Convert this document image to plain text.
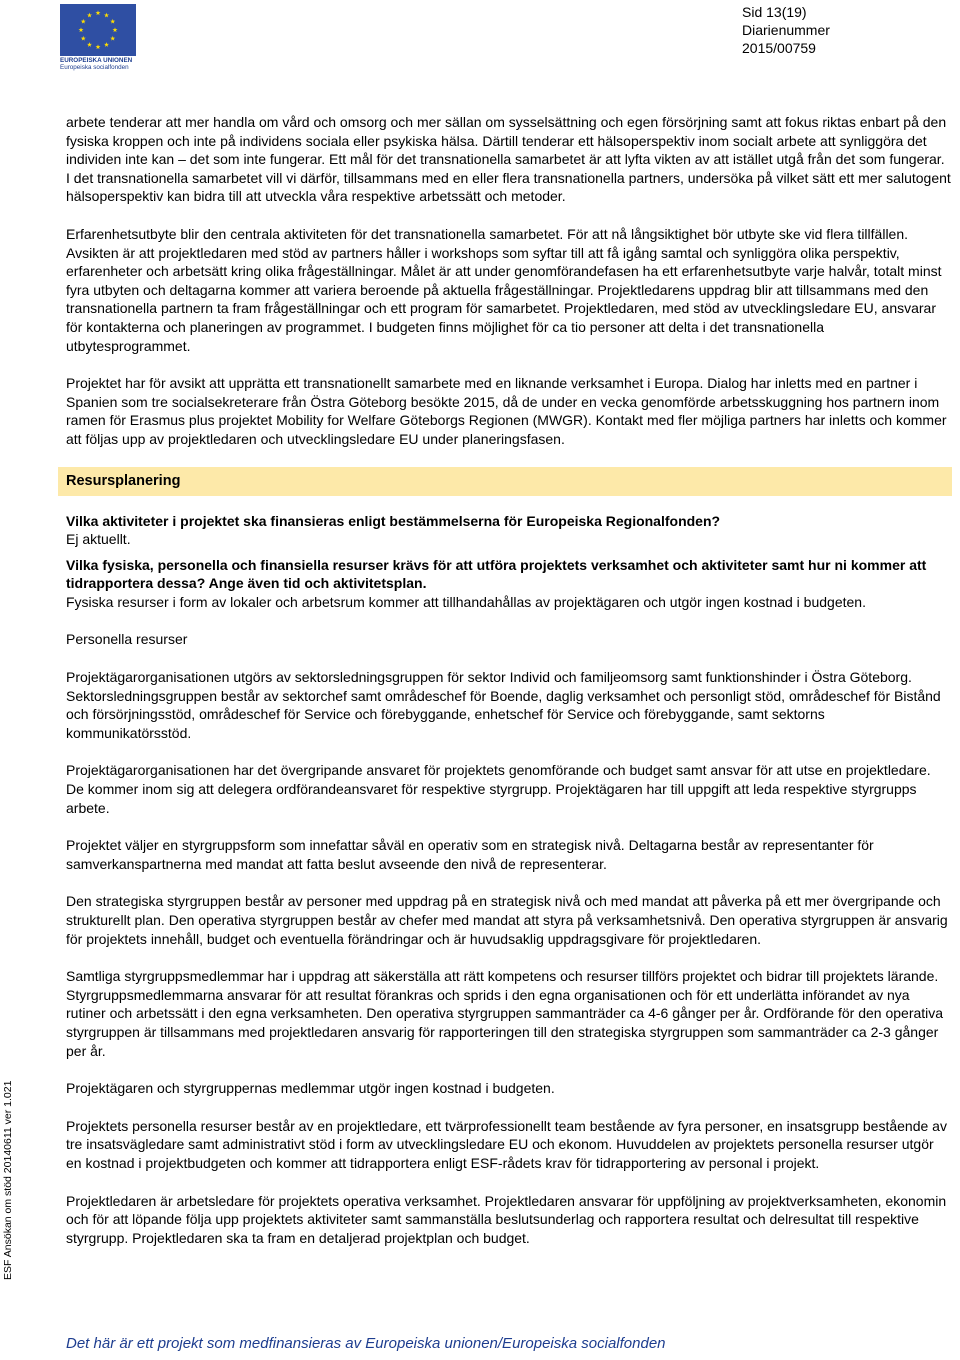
EUROPEISKA UNIONEN
Europeiska socialfonden
Sid 13(19)
Diarienummer
2015/00759
ESF Ansökan om stöd 20140611 ver 1.021

arbete tenderar att mer handla om vård och omsorg och mer sällan om sysselsättning och egen försörjning samt att fokus riktas enbart på den fysiska kroppen och inte på individens sociala eller psykiska hälsa. Därtill tenderar ett hälsoperspektiv inom socialt arbete att synliggöra det individen inte kan – det som inte fungerar. Ett mål för det transnationella samarbetet är att lyfta vikten av att istället utgå från det som fungerar. I det transnationella samarbetet vill vi därför, tillsammans med en eller flera transnationella partners, undersöka på vilket sätt ett mer salutogent hälsoperspektiv kan bidra till att utveckla våra respektive arbetssätt och metoder.

Erfarenhetsutbyte blir den centrala aktiviteten för det transnationella samarbetet. För att nå långsiktighet bör utbyte ske vid flera tillfällen. Avsikten är att projektledaren med stöd av partners håller i workshops som syftar till att få igång samtal och synliggöra olika perspektiv, erfarenheter och arbetsätt kring olika frågeställningar. Målet är att under genomförandefasen ha ett erfarenhetsutbyte varje halvår, totalt minst fyra utbyten och deltagarna kommer att variera beroende på aktuella frågeställningar. Projektledarens uppdrag blir att tillsammans med den transnationella partnern ta fram frågeställningar och ett program för samarbetet. Projektledaren, med stöd av utvecklingsledare EU, ansvarar för kontakterna och planeringen av programmet. I budgeten finns möjlighet för ca tio personer att delta i det transnationella utbytesprogrammet.

Projektet har för avsikt att upprätta ett transnationellt samarbete med en liknande verksamhet i Europa. Dialog har inletts med en partner i Spanien som tre socialsekreterare från Östra Göteborg besökte 2015, då de under en vecka genomförde arbetsskuggning hos partnern inom ramen för Erasmus plus projektet Mobility for Welfare Göteborgs Regionen (MWGR). Kontakt med fler möjliga partners har inletts och kommer att följas upp av projektledaren och utvecklingsledare EU under planeringsfasen.

Resursplanering

Vilka aktiviteter i projektet ska finansieras enligt bestämmelserna för Europeiska Regionalfonden?

Ej aktuellt.

Vilka fysiska, personella och finansiella resurser krävs för att utföra projektets verksamhet och aktiviteter samt hur ni kommer att tidrapportera dessa? Ange även tid och aktivitetsplan.

Fysiska resurser i form av lokaler och arbetsrum kommer att tillhandahållas av projektägaren och utgör ingen kostnad i budgeten.

Personella resurser

Projektägarorganisationen utgörs av sektorsledningsgruppen för sektor Individ och familjeomsorg samt funktionshinder i Östra Göteborg. Sektorsledningsgruppen består av sektorchef samt områdeschef för Boende, daglig verksamhet och personligt stöd, områdeschef för Bistånd och försörjningsstöd, områdeschef för Service och förebyggande, enhetschef för Service och förebyggande, samt sektorns kommunikatörsstöd.

Projektägarorganisationen har det övergripande ansvaret för projektets genomförande och budget samt ansvar för att utse en projektledare. De kommer inom sig att delegera ordförandeansvaret för respektive styrgrupp. Projektägaren har till uppgift att leda respektive styrgrupps arbete.

Projektet väljer en styrgruppsform som innefattar såväl en operativ som en strategisk nivå. Deltagarna består av representanter för samverkanspartnerna med mandat att fatta beslut avseende den nivå de representerar.

Den strategiska styrgruppen består av personer med uppdrag på en strategisk nivå och med mandat att påverka på ett mer övergripande och strukturellt plan. Den operativa styrgruppen består av chefer med mandat att styra på verksamhetsnivå. Den operativa styrgruppen är ansvarig för projektets innehåll, budget och eventuella förändringar och är huvudsaklig uppdragsgivare för projektledaren.

Samtliga styrgruppsmedlemmar har i uppdrag att säkerställa att rätt kompetens och resurser tillförs projektet och bidrar till projektets lärande. Styrgruppsmedlemmarna ansvarar för att resultat förankras och sprids i den egna organisationen och för ett underlätta införandet av nya rutiner och arbetssätt i den egna verksamheten. Den operativa styrgruppen sammanträder ca 4-6 gånger per år. Ordförande för den operativa styrgruppen är tillsammans med projektledaren ansvarig för rapporteringen till den strategiska styrgruppen som sammanträder ca 2-3 gånger per år.

Projektägaren och styrgruppernas medlemmar utgör ingen kostnad i budgeten.

Projektets personella resurser består av en projektledare, ett tvärprofessionellt team bestående av fyra personer, en insatsgrupp bestående av tre insatsvägledare samt administrativt stöd i form av utvecklingsledare EU och ekonom. Huvuddelen av projektets personella resurser utgör en kostnad i projektbudgeten och kommer att tidrapportera enligt ESF-rådets krav för tidrapportering av personal i projekt.

Projektledaren är arbetsledare för projektets operativa verksamhet. Projektledaren ansvarar för uppföljning av projektverksamheten, ekonomin och för att löpande följa upp projektets aktiviteter samt sammanställa beslutsunderlag och rapportera resultat och delresultat till respektive styrgrupp. Projektledaren ska ta fram en detaljerad projektplan och budget.

Det här är ett projekt som medfinansieras av Europeiska unionen/Europeiska socialfonden
